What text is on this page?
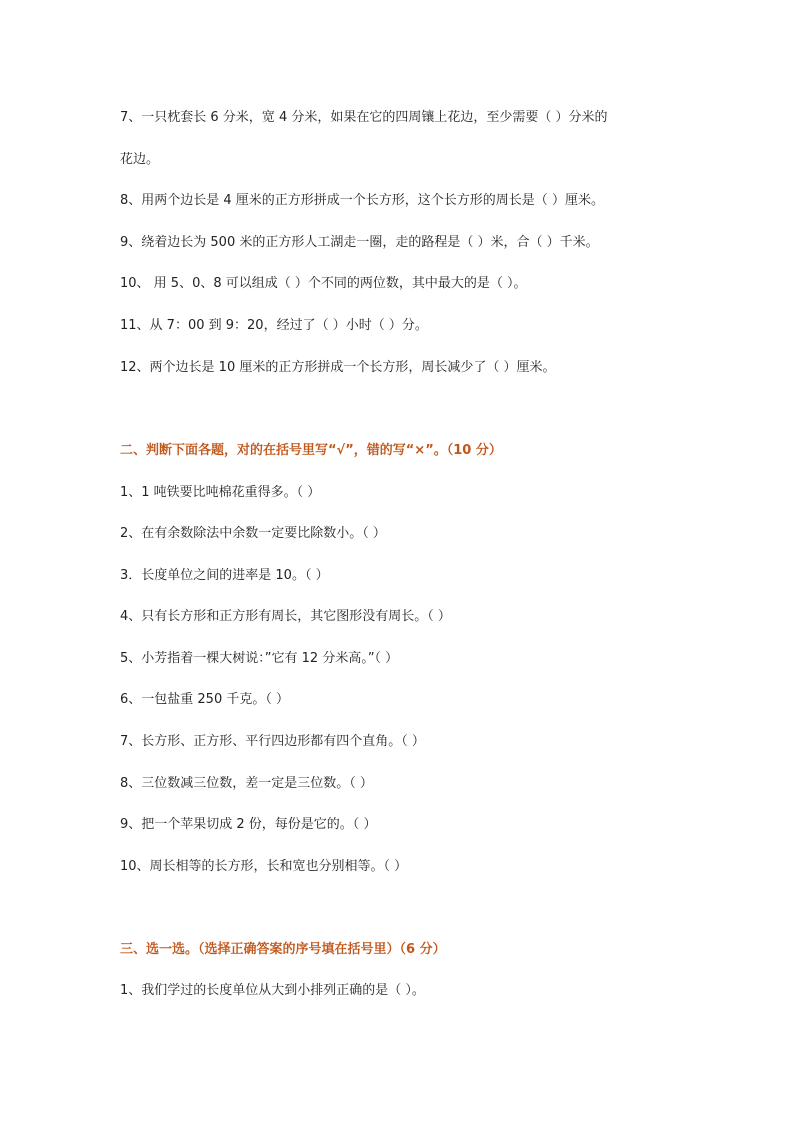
7、一只枕套长 6 分米，宽 4 分米，如果在它的四周镶上花边，至少需要（ ）分米的
花边。
8、用两个边长是 4 厘米的正方形拼成一个长方形，这个长方形的周长是（ ）厘米。
9、绕着边长为 500 米的正方形人工湖走一圈，走的路程是（ ）米，合（ ）千米。
10、 用 5、0、8 可以组成（ ）个不同的两位数，其中最大的是（ ）。
11、从 7：00 到 9：20，经过了（ ）小时（ ）分。
12、两个边长是 10 厘米的正方形拼成一个长方形，周长减少了（ ）厘米。
二、判断下面各题，对的在括号里写“√”，错的写“×”。（10 分）
1、1 吨铁要比吨棉花重得多。（ ）
2、在有余数除法中余数一定要比除数小。（ ）
3．长度单位之间的进率是 10。（ ）
4、只有长方形和正方形有周长，其它图形没有周长。（ ）
5、小芳指着一棵大树说：”它有 12 分米高。”（ ）
6、一包盐重 250 千克。（ ）
7、长方形、正方形、平行四边形都有四个直角。（ ）
8、三位数减三位数，差一定是三位数。（ ）
9、把一个苹果切成 2 份，每份是它的。（ ）
10、周长相等的长方形，长和宽也分别相等。（ ）
三、选一选。（选择正确答案的序号填在括号里）（6 分）
1、我们学过的长度单位从大到小排列正确的是（ ）。
